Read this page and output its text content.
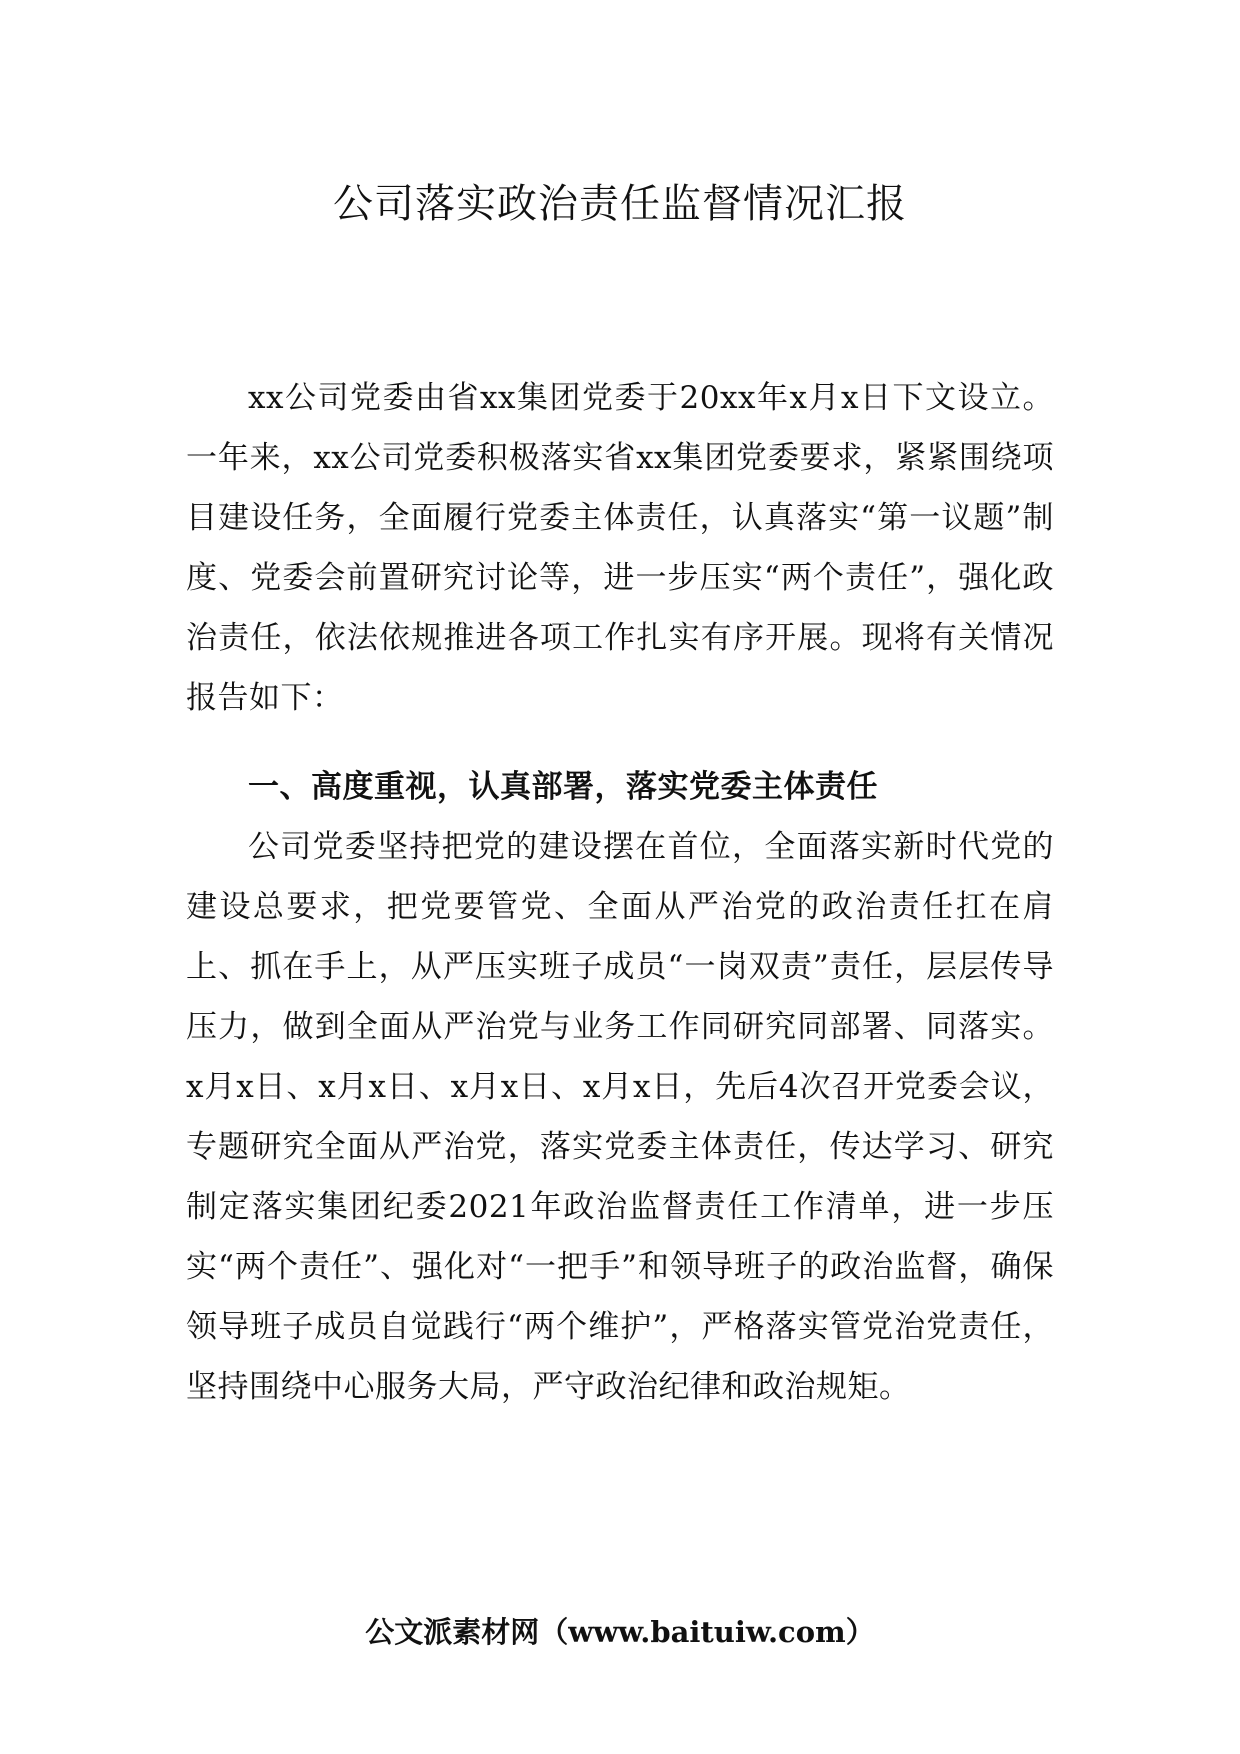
公司落实政治责任监督情况汇报

xx公司党委由省xx集团党委于20xx年x月x日下文设立。一年来，xx公司党委积极落实省xx集团党委要求，紧紧围绕项目建设任务，全面履行党委主体责任，认真落实“第一议题”制度、党委会前置研究讨论等，进一步压实“两个责任”，强化政治责任，依法依规推进各项工作扎实有序开展。现将有关情况报告如下：

一、高度重视，认真部署，落实党委主体责任

公司党委坚持把党的建设摆在首位，全面落实新时代党的建设总要求，把党要管党、全面从严治党的政治责任扛在肩上、抓在手上，从严压实班子成员“一岗双责”责任，层层传导压力，做到全面从严治党与业务工作同研究同部署、同落实。x月x日、x月x日、x月x日、x月x日，先后4次召开党委会议，专题研究全面从严治党，落实党委主体责任，传达学习、研究制定落实集团纪委2021年政治监督责任工作清单，进一步压实“两个责任”、强化对“一把手”和领导班子的政治监督，确保领导班子成员自觉践行“两个维护”，严格落实管党治党责任，坚持围绕中心服务大局，严守政治纪律和政治规矩。

公文派素材网（www.baituiw.com）
